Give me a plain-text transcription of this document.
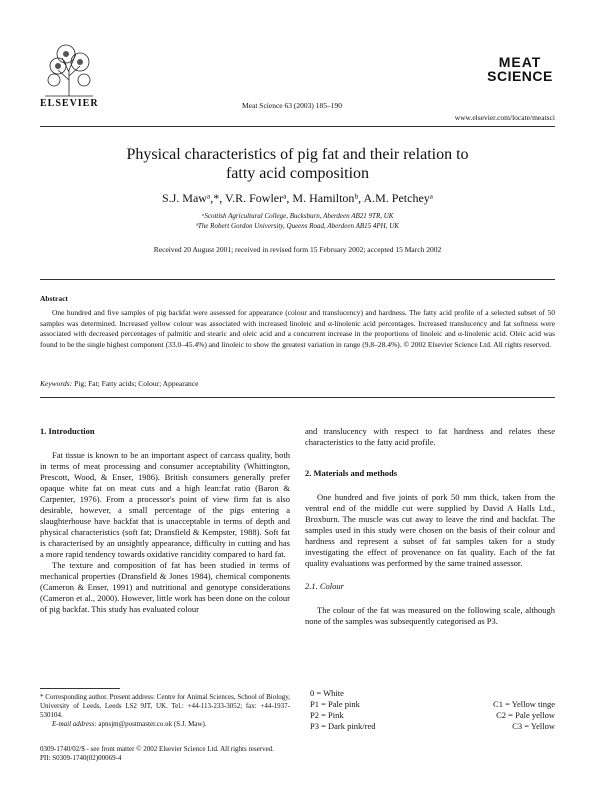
ELSEVIER	Meat Science 63 (2003) 185–190
MEAT
SCIENCE
www.elsevier.com/locate/meatsci
Physical characteristics of pig fat and their relation to
fatty acid composition
S.J. Mawᵃ,*, V.R. Fowlerᵃ, M. Hamiltonᵇ, A.M. Petcheyᵃ
ᵃScottish Agricultural College, Bucksburn, Aberdeen AB21 9TR, UK
ᵇThe Robert Gordon University, Queens Road, Aberdeen AB15 4PH, UK
Received 20 August 2001; received in revised form 15 February 2002; accepted 15 March 2002
Abstract
One hundred and five samples of pig backfat were assessed for appearance (colour and translucency) and hardness. The fatty acid profile of a selected subset of 50 samples was determined. Increased yellow colour was associated with increased linoleic and α-linolenic acid percentages. Increased translucency and fat softness were associated with decreased percentages of palmitic and stearic and oleic acid and a concurrent increase in the proportions of linoleic and α-linolenic acid. Oleic acid was found to be the single highest component (33.0–45.4%) and linoleic to show the greatest variation in range (9.8–28.4%). © 2002 Elsevier Science Ltd. All rights reserved.
Keywords: Pig; Fat; Fatty acids; Colour; Appearance
1. Introduction

Fat tissue is known to be an important aspect of carcass quality, both in terms of meat processing and consumer acceptability (Whittington, Prescott, Wood, & Enser, 1986). British consumers generally prefer opaque white fat on meat cuts and a high lean:fat ratio (Baron & Carpenter, 1976). From a processor's point of view firm fat is also desirable, however, a small percentage of the pigs entering a slaughterhouse have backfat that is unacceptable in terms of depth and physical characteristics (soft fat; Dransfield & Kempster, 1988). Soft fat is characterised by an unsightly appearance, difficulty in cutting and has a more rapid tendency towards oxidative rancidity compared to hard fat.

The texture and composition of fat has been studied in terms of mechanical properties (Dransfield & Jones 1984), chemical components (Cameron & Enser, 1991) and nutritional and genotype considerations (Cameron et al., 2000). However, little work has been done on the colour of pig backfat. This study has evaluated colour

* Corresponding author. Present address: Centre for Animal Sciences, School of Biology, University of Leeds, Leeds LS2 9JT, UK. Tel.: +44-113-233-3052; fax: +44-1937-530104.
E-mail address: apnsjm@postmaster.co.uk (S.J. Maw).
0309-1740/02/$ - see front matter © 2002 Elsevier Science Ltd. All rights reserved.
PII: S0309-1740(02)00069-4

and translucency with respect to fat hardness and relates these characteristics to the fatty acid profile.

2. Materials and methods

One hundred and five joints of pork 50 mm thick, taken from the ventral end of the middle cut were supplied by David A Halls Ltd., Broxburn. The muscle was cut away to leave the rind and backfat. The samples used in this study were chosen on the basis of their colour and hardness and represent a subset of fat samples taken for a study investigating the effect of provenance on fat quality. Each of the fat quality evaluations was performed by the same trained assessor.

2.1. Colour

The colour of the fat was measured on the following scale, although none of the samples was subsequently categorised as P3.

0 = White
P1 = Pale pink	C1 = Yellow tinge
P2 = Pink	C2 = Pale yellow
P3 = Dark pink/red	C3 = Yellow
